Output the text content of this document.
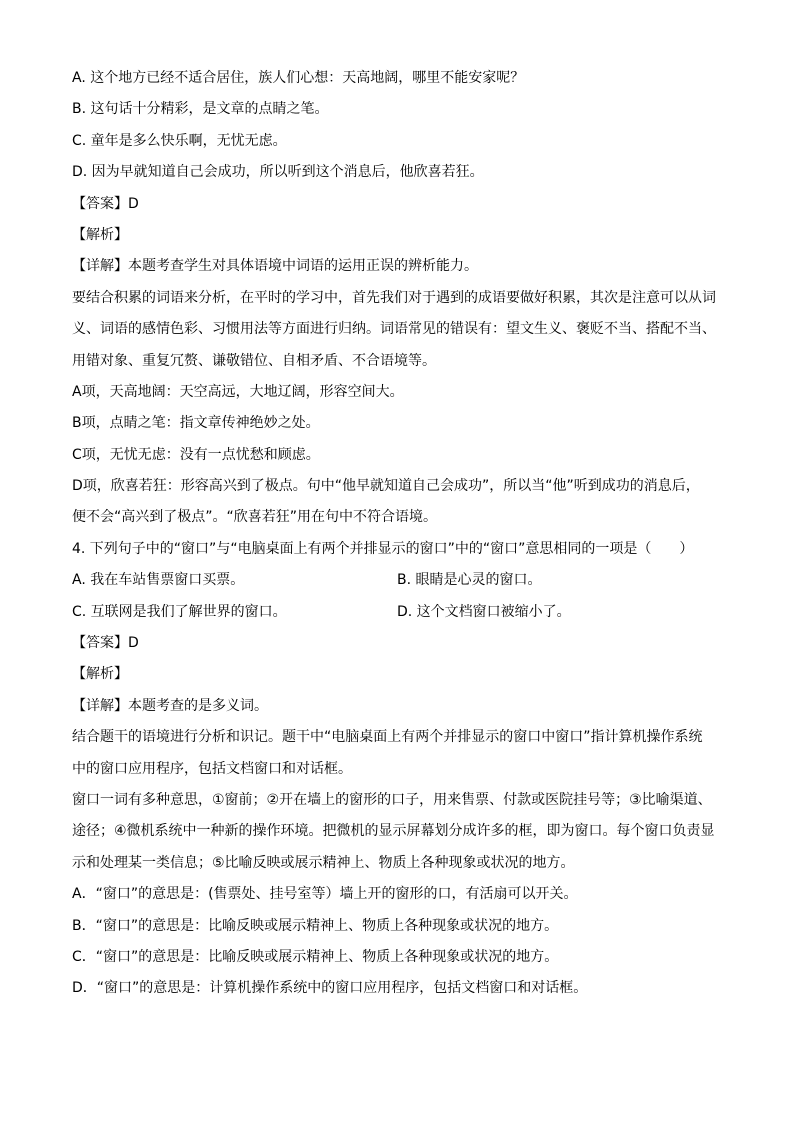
A. 这个地方已经不适合居住，族人们心想：天高地阔，哪里不能安家呢？
B. 这句话十分精彩，是文章的点睛之笔。
C. 童年是多么快乐啊，无忧无虑。
D. 因为早就知道自己会成功，所以听到这个消息后，他欣喜若狂。
【答案】D
【解析】
【详解】本题考查学生对具体语境中词语的运用正误的辨析能力。
要结合积累的词语来分析，在平时的学习中，首先我们对于遇到的成语要做好积累，其次是注意可以从词
义、词语的感情色彩、习惯用法等方面进行归纳。词语常见的错误有：望文生义、褒贬不当、搭配不当、
用错对象、重复冗赘、谦敬错位、自相矛盾、不合语境等。
A项，天高地阔：天空高远，大地辽阔，形容空间大。
B项，点睛之笔：指文章传神绝妙之处。
C项，无忧无虑：没有一点忧愁和顾虑。
D项，欣喜若狂：形容高兴到了极点。句中“他早就知道自己会成功”，所以当“他”听到成功的消息后，
便不会“高兴到了极点”。“欣喜若狂”用在句中不符合语境。
4. 下列句子中的“窗口”与“电脑桌面上有两个并排显示的窗口”中的“窗口”意思相同的一项是（　　）
A. 我在车站售票窗口买票。	B. 眼睛是心灵的窗口。
C. 互联网是我们了解世界的窗口。	D. 这个文档窗口被缩小了。
【答案】D
【解析】
【详解】本题考查的是多义词。
结合题干的语境进行分析和识记。题干中“电脑桌面上有两个并排显示的窗口中窗口”指计算机操作系统
中的窗口应用程序，包括文档窗口和对话框。
窗口一词有多种意思，①窗前；②开在墙上的窗形的口子，用来售票、付款或医院挂号等；③比喻渠道、
途径；④微机系统中一种新的操作环境。把微机的显示屏幕划分成许多的框，即为窗口。每个窗口负责显
示和处理某一类信息；⑤比喻反映或展示精神上、物质上各种现象或状况的地方。
A．“窗口”的意思是：(售票处、挂号室等）墙上开的窗形的口，有活扇可以开关。
B．“窗口”的意思是：比喻反映或展示精神上、物质上各种现象或状况的地方。
C．“窗口”的意思是：比喻反映或展示精神上、物质上各种现象或状况的地方。
D．“窗口”的意思是：计算机操作系统中的窗口应用程序，包括文档窗口和对话框。
